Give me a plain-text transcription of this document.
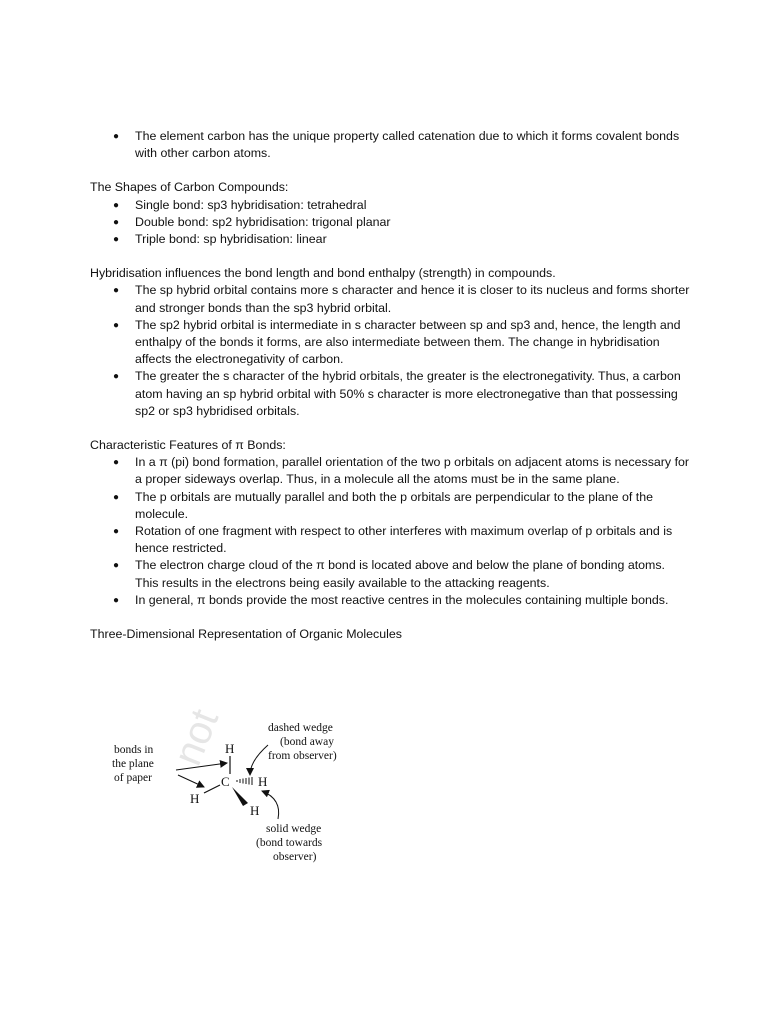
● The element carbon has the unique property called catenation due to which it forms covalent bonds with other carbon atoms.

The Shapes of Carbon Compounds:

● Single bond: sp3 hybridisation: tetrahedral
● Double bond: sp2 hybridisation: trigonal planar
● Triple bond: sp hybridisation: linear

Hybridisation influences the bond length and bond enthalpy (strength) in compounds.

● The sp hybrid orbital contains more s character and hence it is closer to its nucleus and forms shorter and stronger bonds than the sp3 hybrid orbital.
● The sp2 hybrid orbital is intermediate in s character between sp and sp3 and, hence, the length and enthalpy of the bonds it forms, are also intermediate between them. The change in hybridisation affects the electronegativity of carbon.
● The greater the s character of the hybrid orbitals, the greater is the electronegativity. Thus, a carbon atom having an sp hybrid orbital with 50% s character is more electronegative than that possessing sp2 or sp3 hybridised orbitals.

Characteristic Features of π Bonds:

● In a π (pi) bond formation, parallel orientation of the two p orbitals on adjacent atoms is necessary for a proper sideways overlap. Thus, in a molecule all the atoms must be in the same plane.
● The p orbitals are mutually parallel and both the p orbitals are perpendicular to the plane of the molecule.
● Rotation of one fragment with respect to other interferes with maximum overlap of p orbitals and is hence restricted.
● The electron charge cloud of the π bond is located above and below the plane of bonding atoms. This results in the electrons being easily available to the attacking reagents.
● In general, π bonds provide the most reactive centres in the molecules containing multiple bonds.

Three-Dimensional Representation of Organic Molecules

not
bonds in
the plane
of paper
dashed wedge
(bond away
from observer)
solid wedge
(bond towards
observer)
H
C H
H
H
